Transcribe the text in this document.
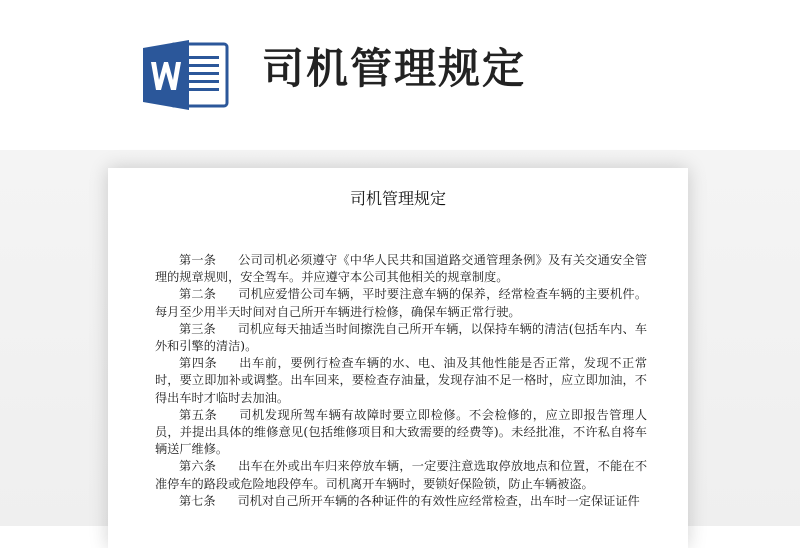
司机管理规定
司机管理规定

第一条 公司司机必须遵守《中华人民共和国道路交通管理条例》及有关交通安全管理的规章规则，安全驾车。并应遵守本公司其他相关的规章制度。

第二条 司机应爱惜公司车辆，平时要注意车辆的保养，经常检查车辆的主要机件。每月至少用半天时间对自己所开车辆进行检修，确保车辆正常行驶。

第三条 司机应每天抽适当时间擦洗自己所开车辆，以保持车辆的清洁(包括车内、车外和引擎的清洁)。

第四条 出车前，要例行检查车辆的水、电、油及其他性能是否正常，发现不正常时，要立即加补或调整。出车回来，要检查存油量，发现存油不足一格时，应立即加油，不得出车时才临时去加油。

第五条 司机发现所驾车辆有故障时要立即检修。不会检修的，应立即报告管理人员，并提出具体的维修意见(包括维修项目和大致需要的经费等)。未经批准，不许私自将车辆送厂维修。

第六条 出车在外或出车归来停放车辆，一定要注意选取停放地点和位置，不能在不准停车的路段或危险地段停车。司机离开车辆时，要锁好保险锁，防止车辆被盗。

第七条 司机对自己所开车辆的各种证件的有效性应经常检查，出车时一定保证证件
